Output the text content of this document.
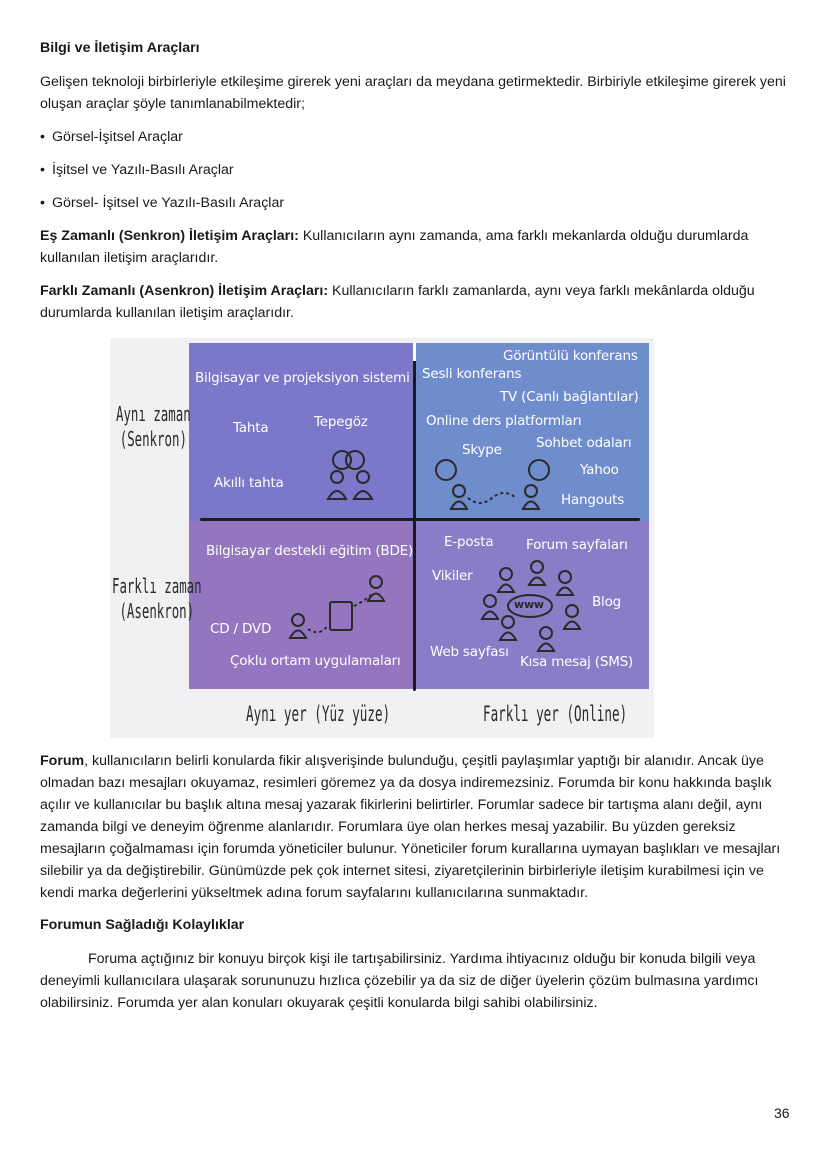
Bilgi ve İletişim Araçları
Gelişen teknoloji birbirleriyle etkileşime girerek yeni araçları da meydana getirmektedir. Birbiriyle etkileşime girerek yeni oluşan araçlar şöyle tanımlanabilmektedir;
• Görsel-İşitsel Araçlar
• İşitsel ve Yazılı-Basılı Araçlar
• Görsel- İşitsel ve Yazılı-Basılı Araçlar
Eş Zamanlı (Senkron) İletişim Araçları: Kullanıcıların aynı zamanda, ama farklı mekanlarda olduğu durumlarda kullanılan iletişim araçlarıdır.
Farklı Zamanlı (Asenkron) İletişim Araçları: Kullanıcıların farklı zamanlarda, aynı veya farklı mekânlarda olduğu durumlarda kullanılan iletişim araçlarıdır.
Bilgisayar ve projeksiyon sistemi
Tahta	Tepegöz
Akıllı tahta
Görüntülü konferans
Sesli konferans
TV (Canlı bağlantılar)
Online ders platformları
Skype	Sohbet odaları
Yahoo
Hangouts
Bilgisayar destekli eğitim (BDE)
CD / DVD
Çoklu ortam uygulamaları
E-posta Forum sayfaları
Vikiler
Blog
www
Web sayfası
Kısa mesaj (SMS)
Aynı zaman
(Senkron)
Farklı zaman
(Asenkron)
Aynı yer (Yüz yüze)	Farklı yer (Online)
Forum, kullanıcıların belirli konularda fikir alışverişinde bulunduğu, çeşitli paylaşımlar yaptığı bir alanıdır. Ancak üye olmadan bazı mesajları okuyamaz, resimleri göremez ya da dosya indiremezsiniz. Forumda bir konu hakkında başlık açılır ve kullanıcılar bu başlık altına mesaj yazarak fikirlerini belirtirler. Forumlar sadece bir tartışma alanı değil, aynı zamanda bilgi ve deneyim öğrenme alanlarıdır. Forumlara üye olan herkes mesaj yazabilir. Bu yüzden gereksiz mesajların çoğalmaması için forumda yöneticiler bulunur. Yöneticiler forum kurallarına uymayan başlıkları ve mesajları silebilir ya da değiştirebilir. Günümüzde pek çok internet sitesi, ziyaretçilerinin birbirleriyle iletişim kurabilmesi için ve kendi marka değerlerini yükseltmek adına forum sayfalarını kullanıcılarına sunmaktadır.
Forumun Sağladığı Kolaylıklar
Foruma açtığınız bir konuyu birçok kişi ile tartışabilirsiniz. Yardıma ihtiyacınız olduğu bir konuda bilgili veya deneyimli kullanıcılara ulaşarak sorununuzu hızlıca çözebilir ya da siz de diğer üyelerin çözüm bulmasına yardımcı olabilirsiniz. Forumda yer alan konuları okuyarak çeşitli konularda bilgi sahibi olabilirsiniz.
36
